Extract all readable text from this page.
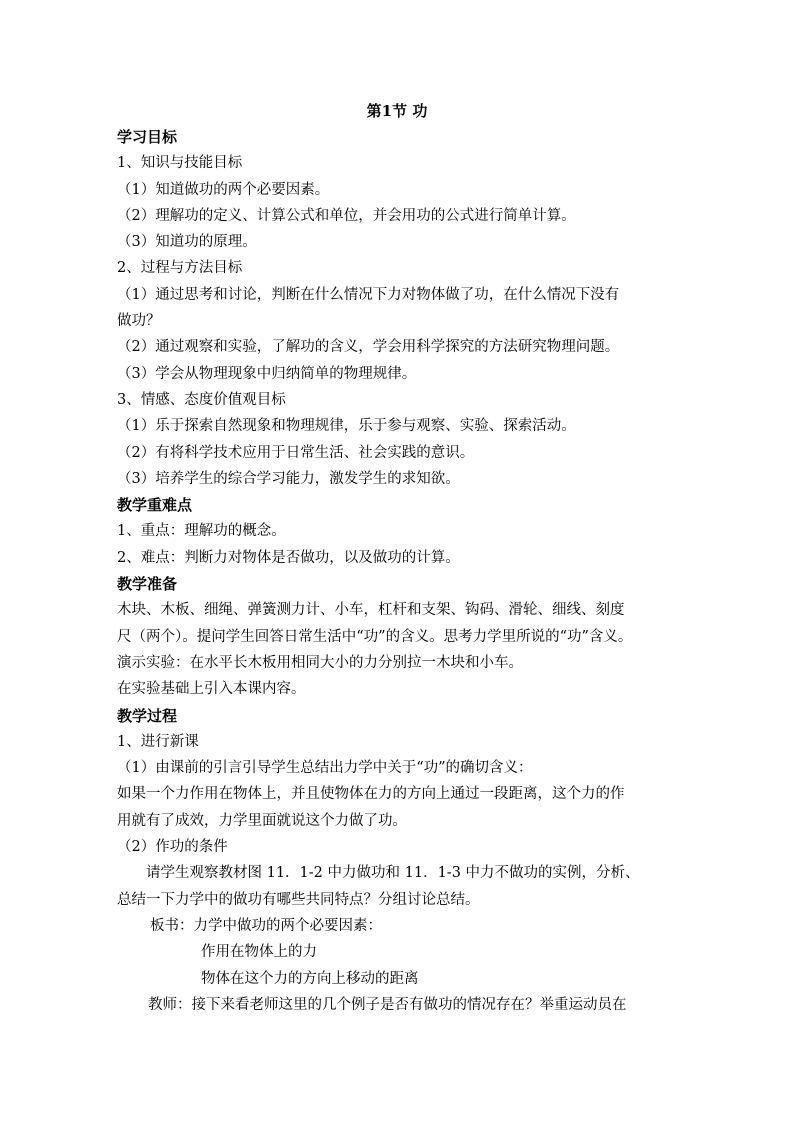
第1节 功
学习目标
1、知识与技能目标
（1）知道做功的两个必要因素。
（2）理解功的定义、计算公式和单位，并会用功的公式进行简单计算。
（3）知道功的原理。
2、过程与方法目标
（1）通过思考和讨论，判断在什么情况下力对物体做了功，在什么情况下没有
做功？
（2）通过观察和实验，了解功的含义，学会用科学探究的方法研究物理问题。
（3）学会从物理现象中归纳简单的物理规律。
3、情感、态度价值观目标
（1）乐于探索自然现象和物理规律，乐于参与观察、实验、探索活动。
（2）有将科学技术应用于日常生活、社会实践的意识。
（3）培养学生的综合学习能力，激发学生的求知欲。
教学重难点
1、重点：理解功的概念。
2、难点：判断力对物体是否做功，以及做功的计算。
教学准备
木块、木板、细绳、弹簧测力计、小车，杠杆和支架、钩码、滑轮、细线、刻度
尺（两个）。提问学生回答日常生活中“功”的含义。思考力学里所说的“功”含义。
演示实验：在水平长木板用相同大小的力分别拉一木块和小车。
在实验基础上引入本课内容。
教学过程
1、进行新课
（1）由课前的引言引导学生总结出力学中关于“功”的确切含义：
如果一个力作用在物体上，并且使物体在力的方向上通过一段距离，这个力的作
用就有了成效，力学里面就说这个力做了功。
（2）作功的条件
请学生观察教材图 11．1-2 中力做功和 11．1-3 中力不做功的实例，分析、
总结一下力学中的做功有哪些共同特点？分组讨论总结。
板书：力学中做功的两个必要因素：
作用在物体上的力
物体在这个力的方向上移动的距离
教师：接下来看老师这里的几个例子是否有做功的情况存在？举重运动员在
